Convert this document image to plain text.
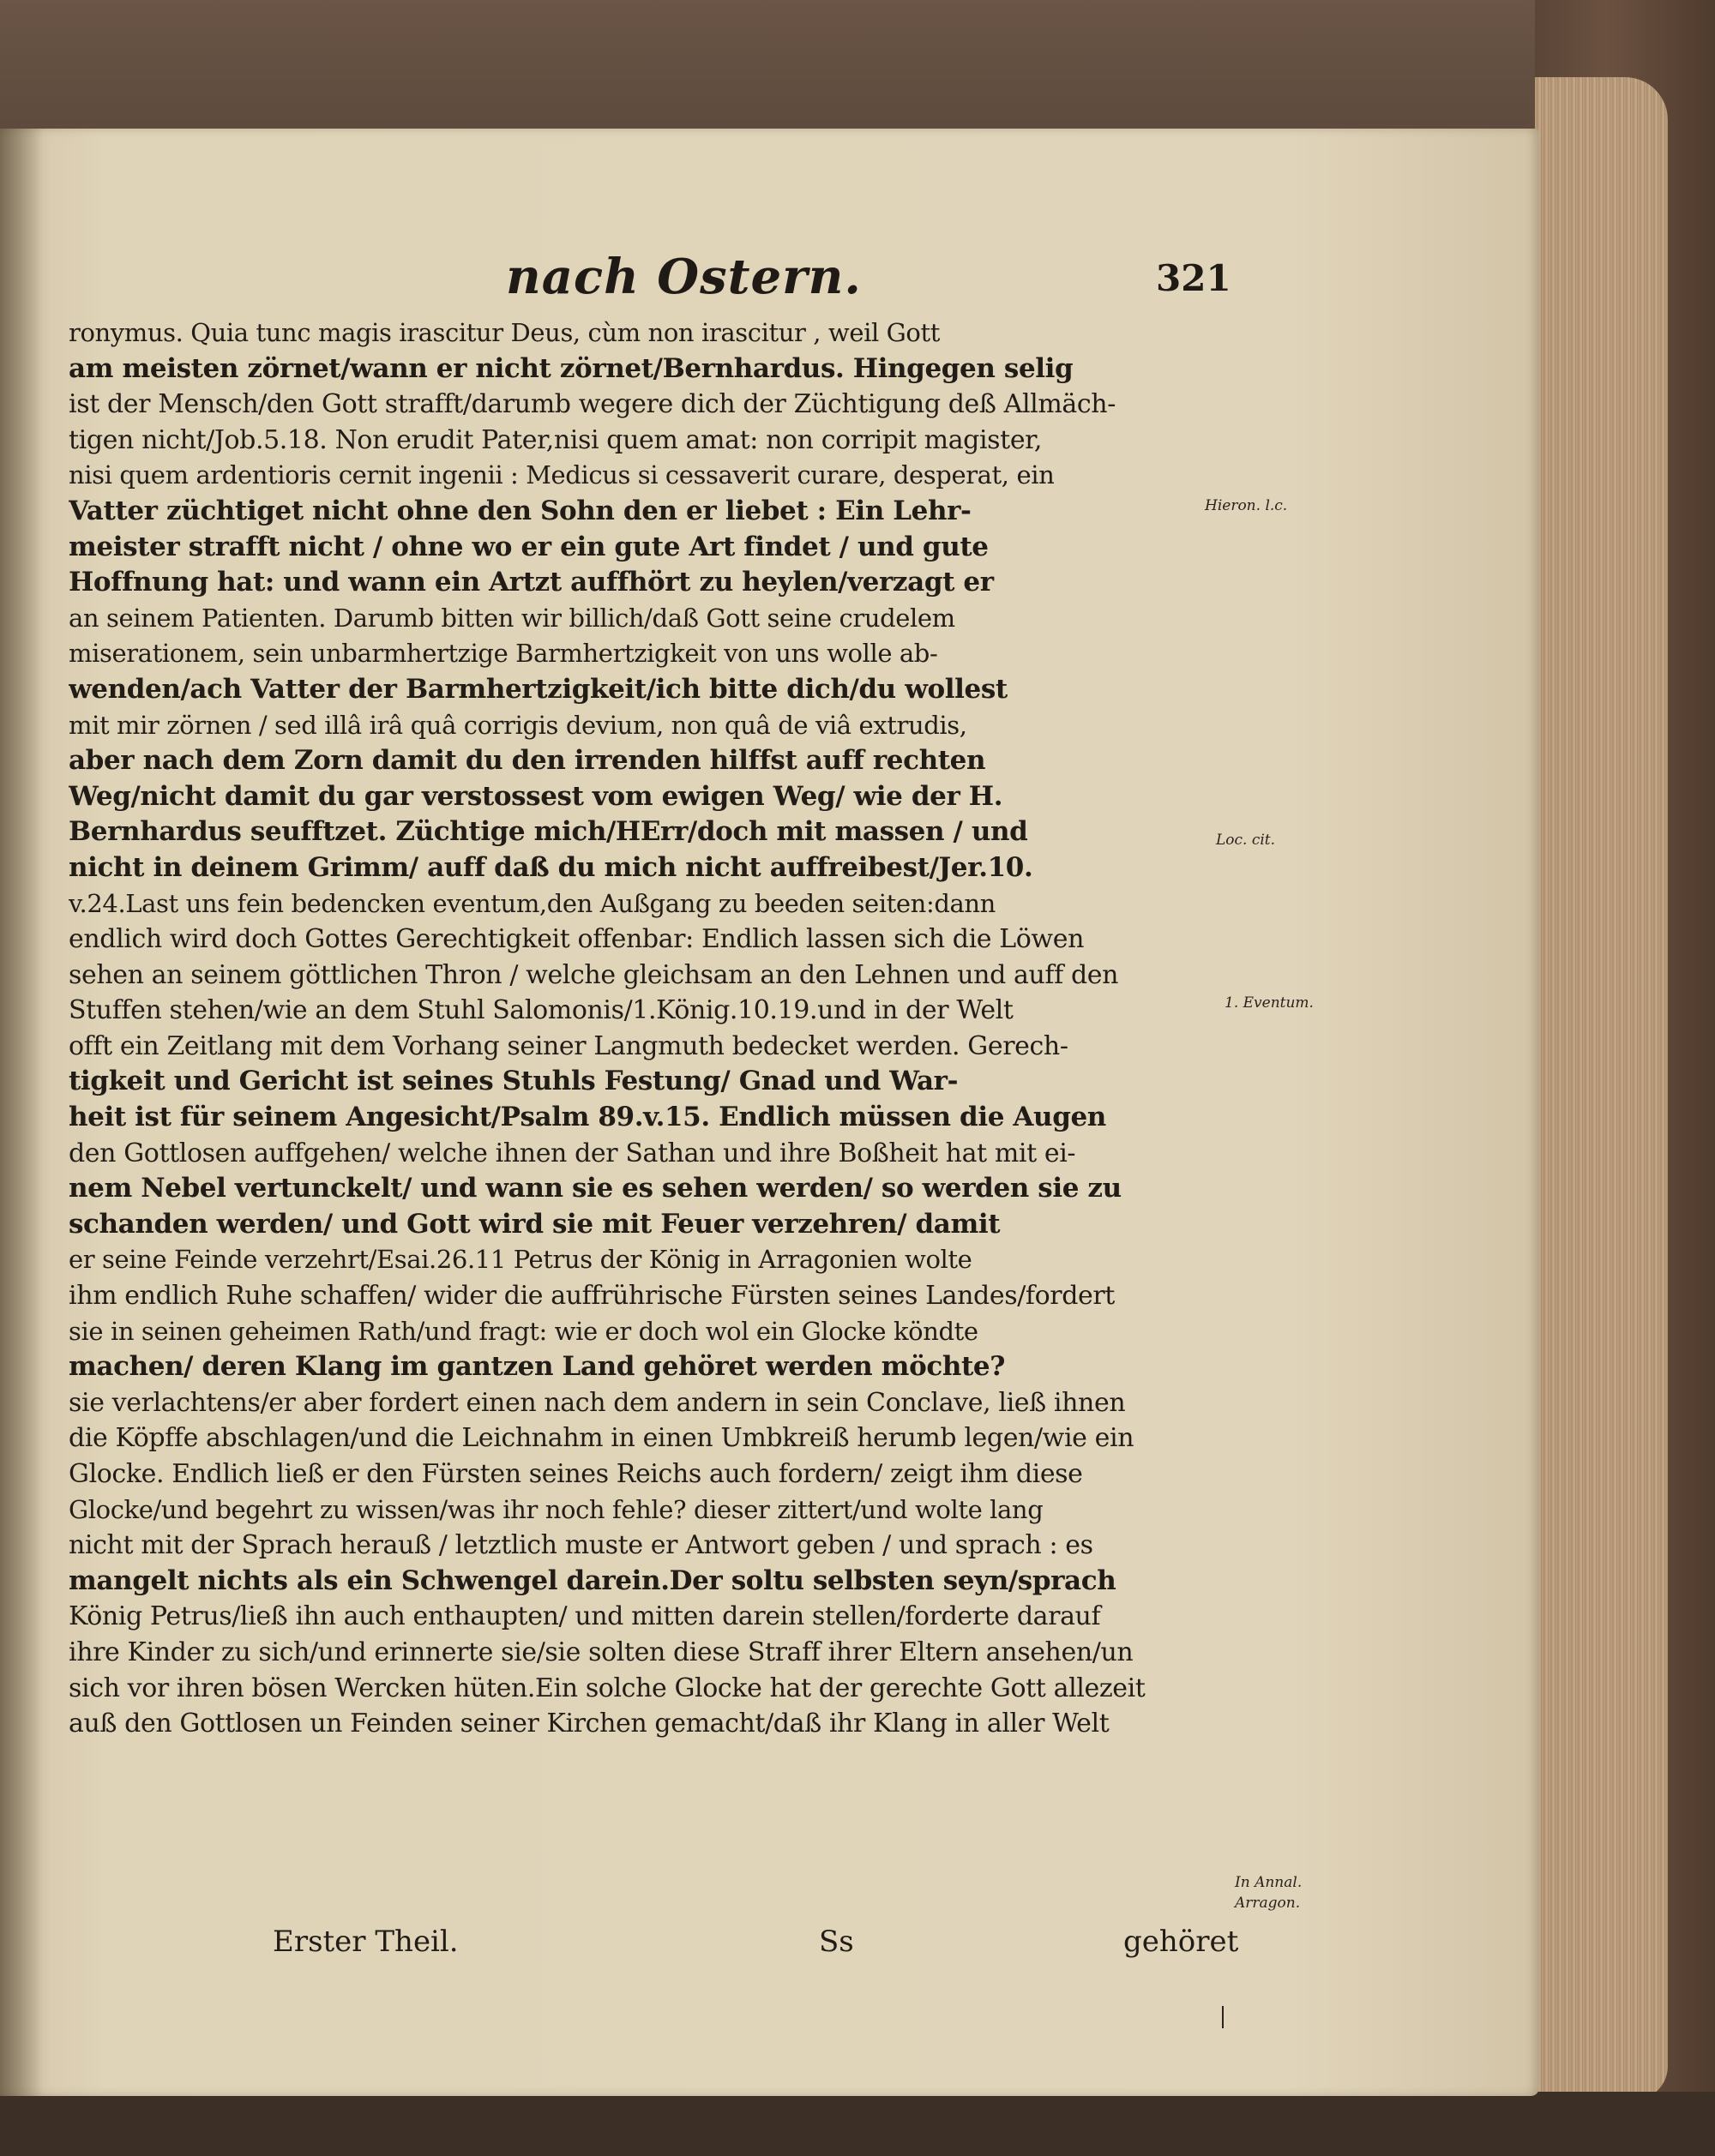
nach Ostern.	321
ronymus. Quia tunc magis irascitur Deus, cùm non irascitur , weil Gott
am meisten zörnet/wann er nicht zörnet/Bernhardus. Hingegen selig
ist der Mensch/den Gott strafft/darumb wegere dich der Züchtigung deß Allmäch-
tigen nicht/Job.5.18. Non erudit Pater,nisi quem amat: non corripit magister,
nisi quem ardentioris cernit ingenii : Medicus si cessaverit curare, desperat, ein
Vatter züchtiget nicht ohne den Sohn den er liebet : Ein Lehr-
meister strafft nicht / ohne wo er ein gute Art findet / und gute
Hoffnung hat: und wann ein Artzt auffhört zu heylen/verzagt er
an seinem Patienten. Darumb bitten wir billich/daß Gott seine crudelem
miserationem, sein unbarmhertzige Barmhertzigkeit von uns wolle ab-
wenden/ach Vatter der Barmhertzigkeit/ich bitte dich/du wollest
mit mir zörnen / sed illâ irâ quâ corrigis devium, non quâ de viâ extrudis,
aber nach dem Zorn damit du den irrenden hilffst auff rechten
Weg/nicht damit du gar verstossest vom ewigen Weg/ wie der H.
Bernhardus seufftzet. Züchtige mich/HErr/doch mit massen / und
nicht in deinem Grimm/ auff daß du mich nicht auffreibest/Jer.10.
v.24.Last uns fein bedencken eventum,den Außgang zu beeden seiten:dann
endlich wird doch Gottes Gerechtigkeit offenbar: Endlich lassen sich die Löwen
sehen an seinem göttlichen Thron / welche gleichsam an den Lehnen und auff den
Stuffen stehen/wie an dem Stuhl Salomonis/1.König.10.19.und in der Welt
offt ein Zeitlang mit dem Vorhang seiner Langmuth bedecket werden. Gerech-
tigkeit und Gericht ist seines Stuhls Festung/ Gnad und War-
heit ist für seinem Angesicht/Psalm 89.v.15. Endlich müssen die Augen
den Gottlosen auffgehen/ welche ihnen der Sathan und ihre Boßheit hat mit ei-
nem Nebel vertunckelt/ und wann sie es sehen werden/ so werden sie zu
schanden werden/ und Gott wird sie mit Feuer verzehren/ damit
er seine Feinde verzehrt/Esai.26.11 Petrus der König in Arragonien wolte
ihm endlich Ruhe schaffen/ wider die auffrührische Fürsten seines Landes/fordert
sie in seinen geheimen Rath/und fragt: wie er doch wol ein Glocke köndte
machen/ deren Klang im gantzen Land gehöret werden möchte?
sie verlachtens/er aber fordert einen nach dem andern in sein Conclave, ließ ihnen
die Köpffe abschlagen/und die Leichnahm in einen Umbkreiß herumb legen/wie ein
Glocke. Endlich ließ er den Fürsten seines Reichs auch fordern/ zeigt ihm diese
Glocke/und begehrt zu wissen/was ihr noch fehle? dieser zittert/und wolte lang
nicht mit der Sprach herauß / letztlich muste er Antwort geben / und sprach : es
mangelt nichts als ein Schwengel darein.Der soltu selbsten seyn/sprach
König Petrus/ließ ihn auch enthaupten/ und mitten darein stellen/forderte darauf
ihre Kinder zu sich/und erinnerte sie/sie solten diese Straff ihrer Eltern ansehen/un
sich vor ihren bösen Wercken hüten.Ein solche Glocke hat der gerechte Gott allezeit
auß den Gottlosen un Feinden seiner Kirchen gemacht/daß ihr Klang in aller Welt
Hieron. l.c.
Loc. cit.
1. Eventum.
In Annal.
Arragon.
Erster Theil.	Ss	gehöret
